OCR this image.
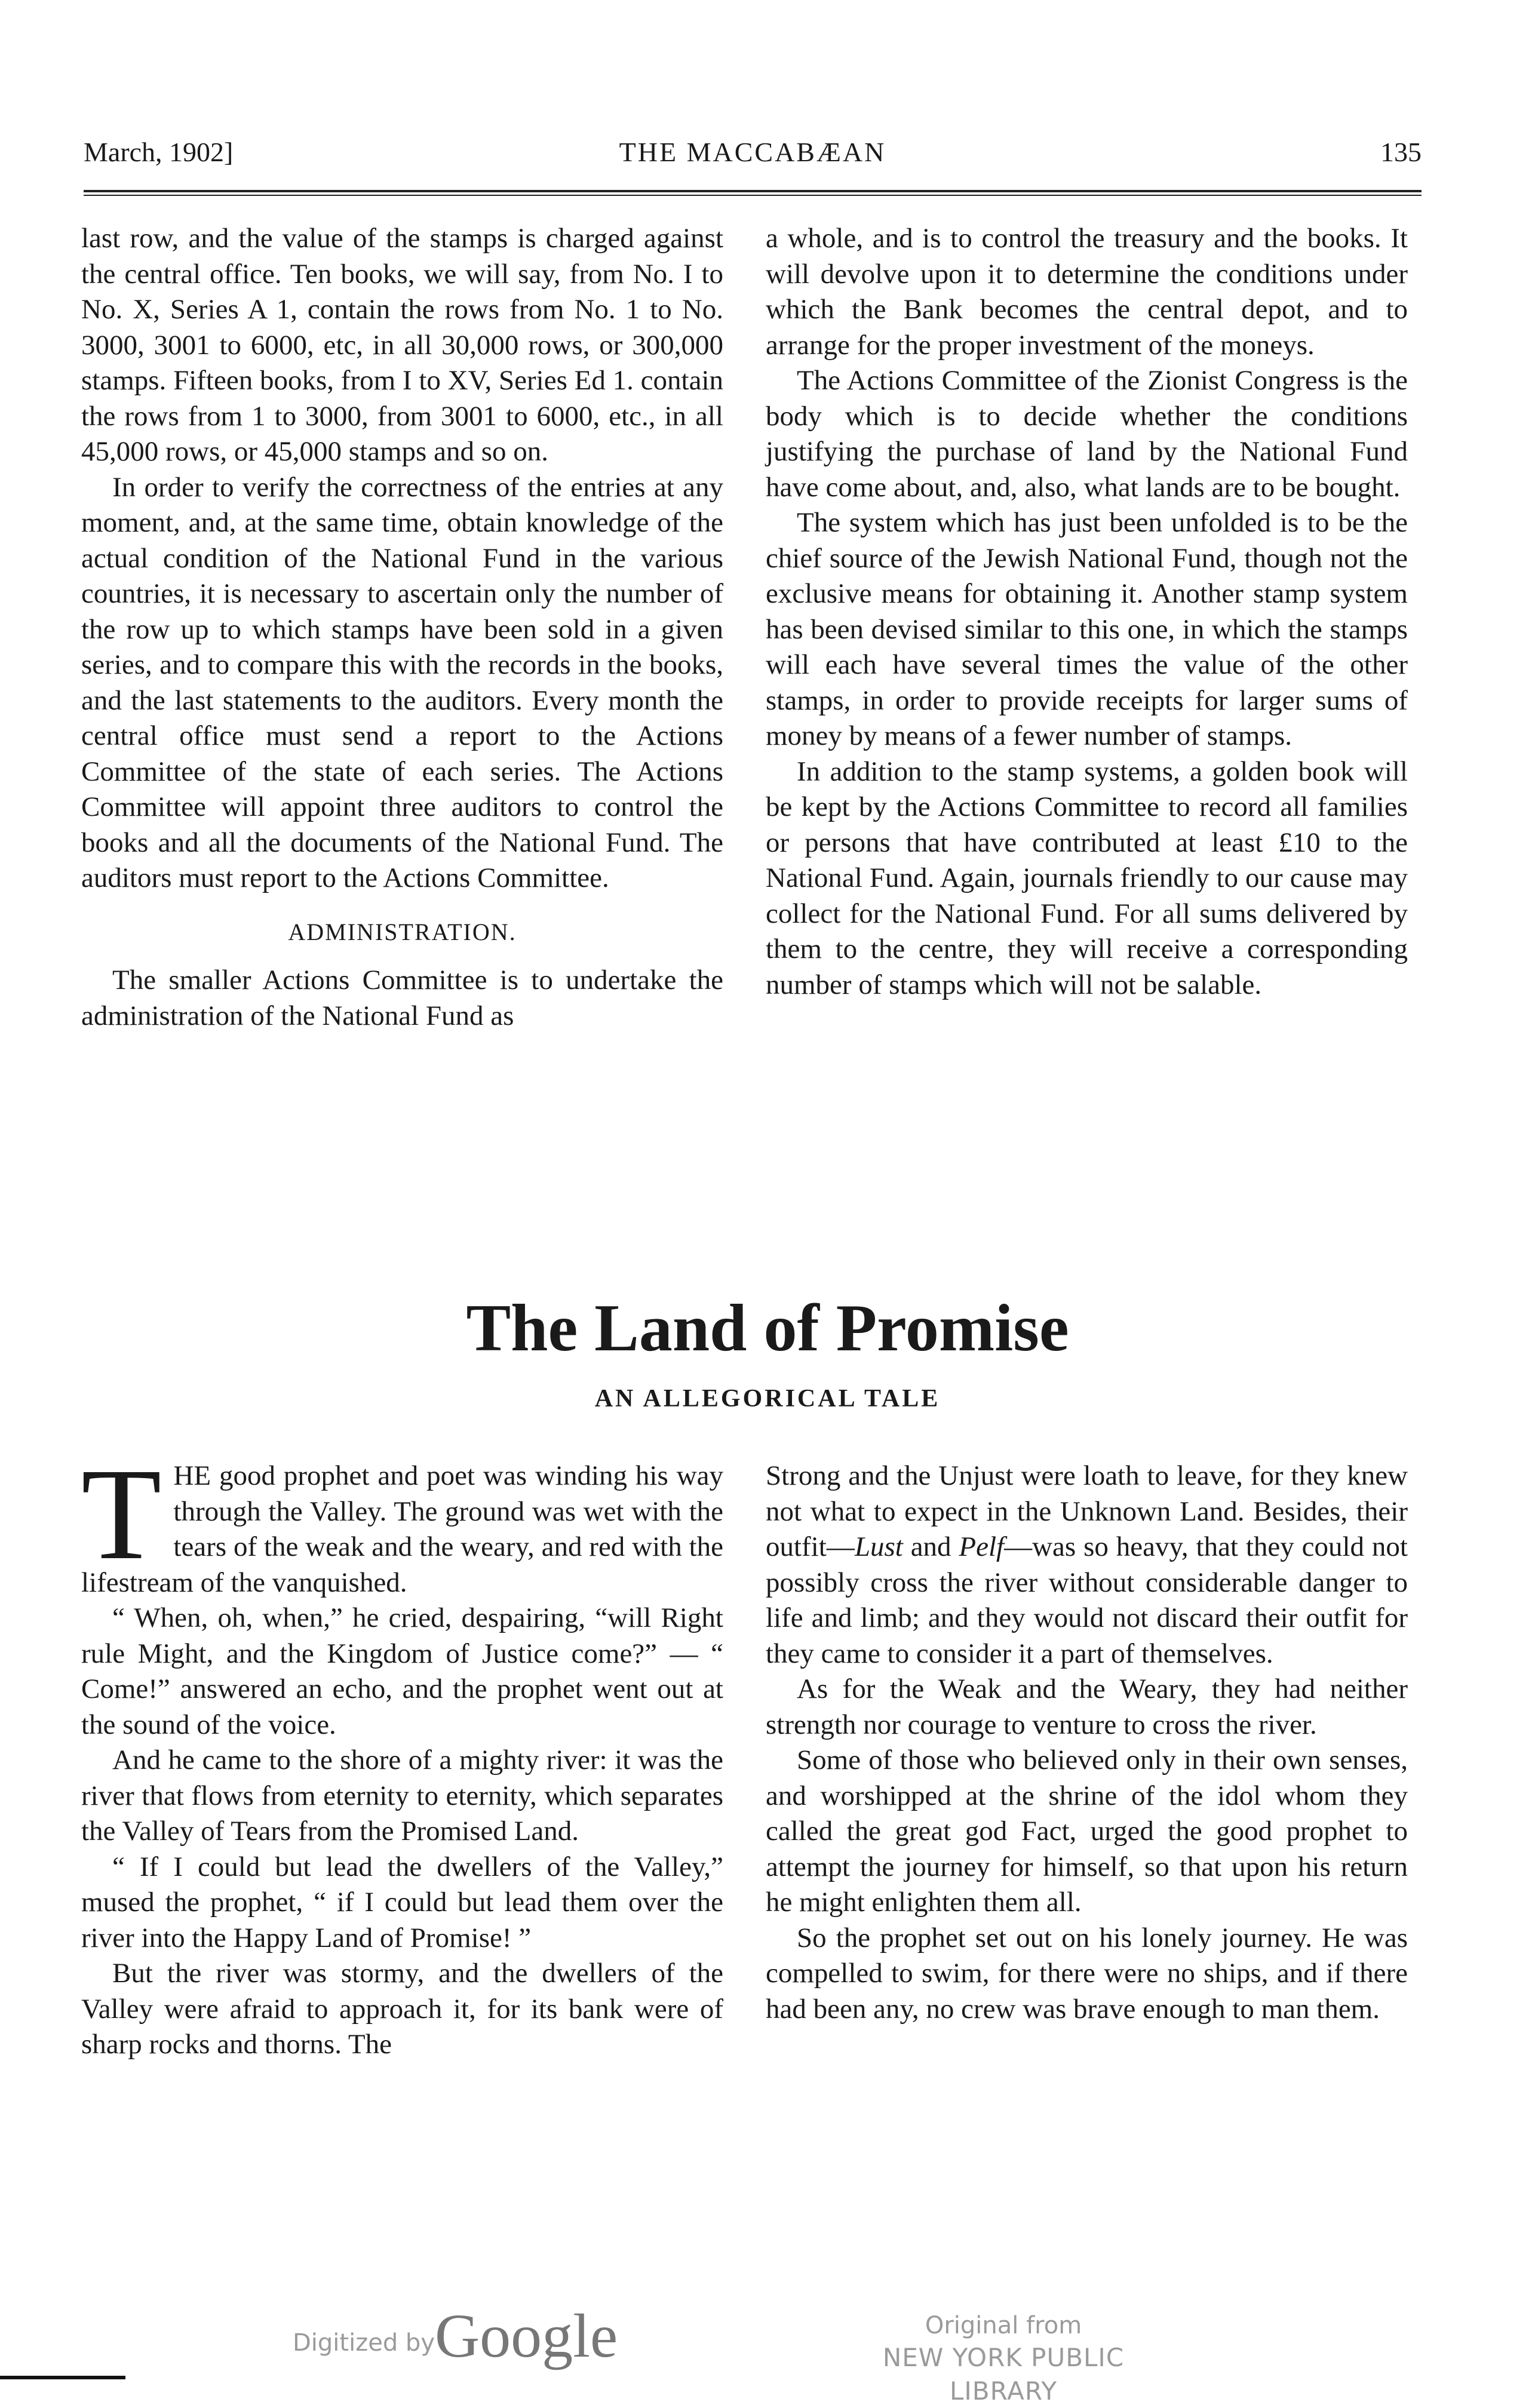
March, 1902]	THE MACCABÆAN	135

last row, and the value of the stamps is charged against the central office. Ten books, we will say, from No. I to No. X, Series A 1, contain the rows from No. 1 to No. 3000, 3001 to 6000, etc, in all 30,000 rows, or 300,000 stamps. Fifteen books, from I to XV, Series Ed 1. contain the rows from 1 to 3000, from 3001 to 6000, etc., in all 45,000 rows, or 45,000 stamps and so on.

In order to verify the correctness of the entries at any moment, and, at the same time, obtain knowledge of the actual condition of the National Fund in the various countries, it is necessary to ascertain only the number of the row up to which stamps have been sold in a given series, and to compare this with the records in the books, and the last statements to the auditors. Every month the central office must send a report to the Actions Committee of the state of each series. The Actions Committee will appoint three auditors to control the books and all the documents of the National Fund. The auditors must report to the Actions Committee.

ADMINISTRATION.

The smaller Actions Committee is to undertake the administration of the National Fund as

a whole, and is to control the treasury and the books. It will devolve upon it to determine the conditions under which the Bank becomes the central depot, and to arrange for the proper investment of the moneys.

The Actions Committee of the Zionist Congress is the body which is to decide whether the conditions justifying the purchase of land by the National Fund have come about, and, also, what lands are to be bought.

The system which has just been unfolded is to be the chief source of the Jewish National Fund, though not the exclusive means for obtaining it. Another stamp system has been devised similar to this one, in which the stamps will each have several times the value of the other stamps, in order to provide receipts for larger sums of money by means of a fewer number of stamps.

In addition to the stamp systems, a golden book will be kept by the Actions Committee to record all families or persons that have contributed at least £10 to the National Fund. Again, journals friendly to our cause may collect for the National Fund. For all sums delivered by them to the centre, they will receive a corresponding number of stamps which will not be salable.

The Land of Promise
AN ALLEGORICAL TALE

T HE good prophet and poet was winding his way through the Valley. The ground was wet with the tears of the weak and the weary, and red with the lifestream of the vanquished.

“ When, oh, when,” he cried, despairing, “will Right rule Might, and the Kingdom of Justice come?” — “ Come!” answered an echo, and the prophet went out at the sound of the voice.

And he came to the shore of a mighty river: it was the river that flows from eternity to eternity, which separates the Valley of Tears from the Promised Land.

“ If I could but lead the dwellers of the Valley,” mused the prophet, “ if I could but lead them over the river into the Happy Land of Promise! ”

But the river was stormy, and the dwellers of the Valley were afraid to approach it, for its bank were of sharp rocks and thorns. The

Strong and the Unjust were loath to leave, for they knew not what to expect in the Unknown Land. Besides, their outfit—Lust and Pelf—was so heavy, that they could not possibly cross the river without considerable danger to life and limb; and they would not discard their outfit for they came to consider it a part of themselves.

As for the Weak and the Weary, they had neither strength nor courage to venture to cross the river.

Some of those who believed only in their own senses, and worshipped at the shrine of the idol whom they called the great god Fact, urged the good prophet to attempt the journey for himself, so that upon his return he might enlighten them all.

So the prophet set out on his lonely journey. He was compelled to swim, for there were no ships, and if there had been any, no crew was brave enough to man them.

Digitized by Google	Original from
NEW YORK PUBLIC LIBRARY
